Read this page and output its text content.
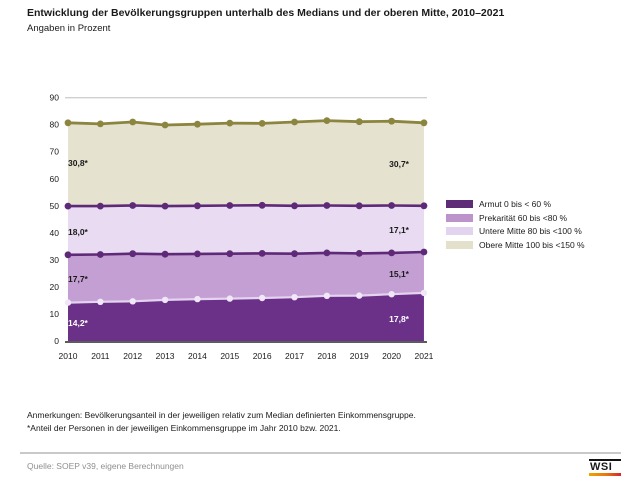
Entwicklung der Bevölkerungsgruppen unterhalb des Medians und der oberen Mitte, 2010–2021
Angaben in Prozent
0
10
20
30
40
50
60
70
80
90
2010 2011 2012 2013 2014 2015 2016 2017 2018 2019 2020 2021
30,8*
18,0*
17,7*
14,2*
30,7*
17,1*
15,1*
17,8*
Armut 0 bis < 60 %
Prekarität 60 bis <80 %
Untere Mitte 80 bis <100 %
Obere Mitte 100 bis <150 %
Anmerkungen: Bevölkerungsanteil in der jeweiligen relativ zum Median definierten Einkommensgruppe.
*Anteil der Personen in der jeweiligen Einkommensgruppe im Jahr 2010 bzw. 2021.
Quelle: SOEP v39, eigene Berechnungen	WSI
